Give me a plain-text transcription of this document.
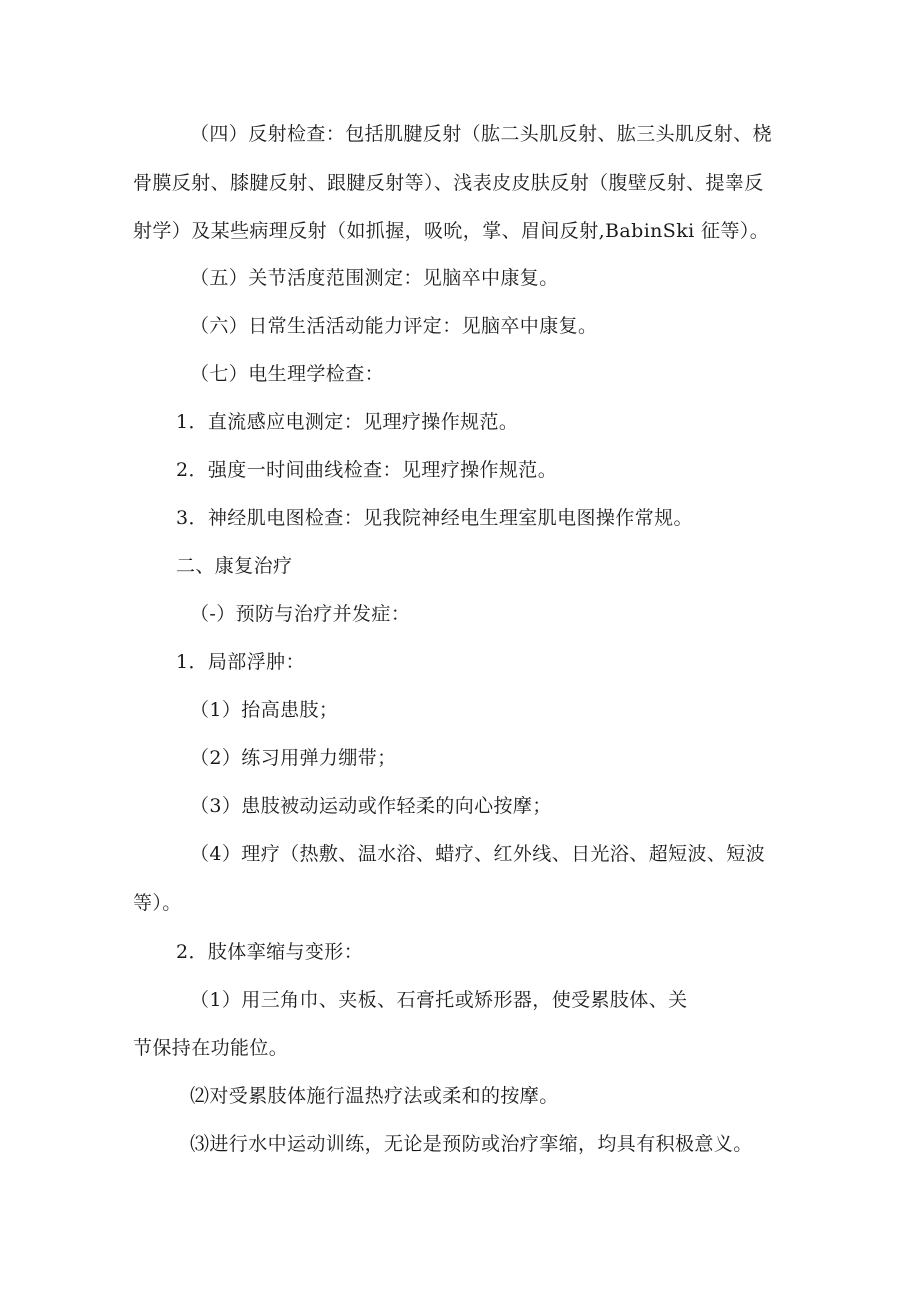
（四）反射检查：包括肌腱反射（肱二头肌反射、肱三头肌反射、桡
骨膜反射、膝腱反射、跟腱反射等）、浅表皮皮肤反射（腹壁反射、提睾反
射学）及某些病理反射（如抓握，吸吮，掌、眉间反射,BabinSki 征等）。
（五）关节活度范围测定：见脑卒中康复。
（六）日常生活活动能力评定：见脑卒中康复。
（七）电生理学检查：
1．直流感应电测定：见理疗操作规范。
2．强度一时间曲线检查：见理疗操作规范。
3．神经肌电图检查：见我院神经电生理室肌电图操作常规。
二、康复治疗
（-）预防与治疗并发症：
1．局部浮肿：
（1）抬高患肢；
（2）练习用弹力绷带；
（3）患肢被动运动或作轻柔的向心按摩；
（4）理疗（热敷、温水浴、蜡疗、红外线、日光浴、超短波、短波
等）。
2．肢体挛缩与变形：
（1）用三角巾、夹板、石膏托或矫形器，使受累肢体、关
节保持在功能位。
⑵对受累肢体施行温热疗法或柔和的按摩。
⑶进行水中运动训练，无论是预防或治疗挛缩，均具有积极意义。
